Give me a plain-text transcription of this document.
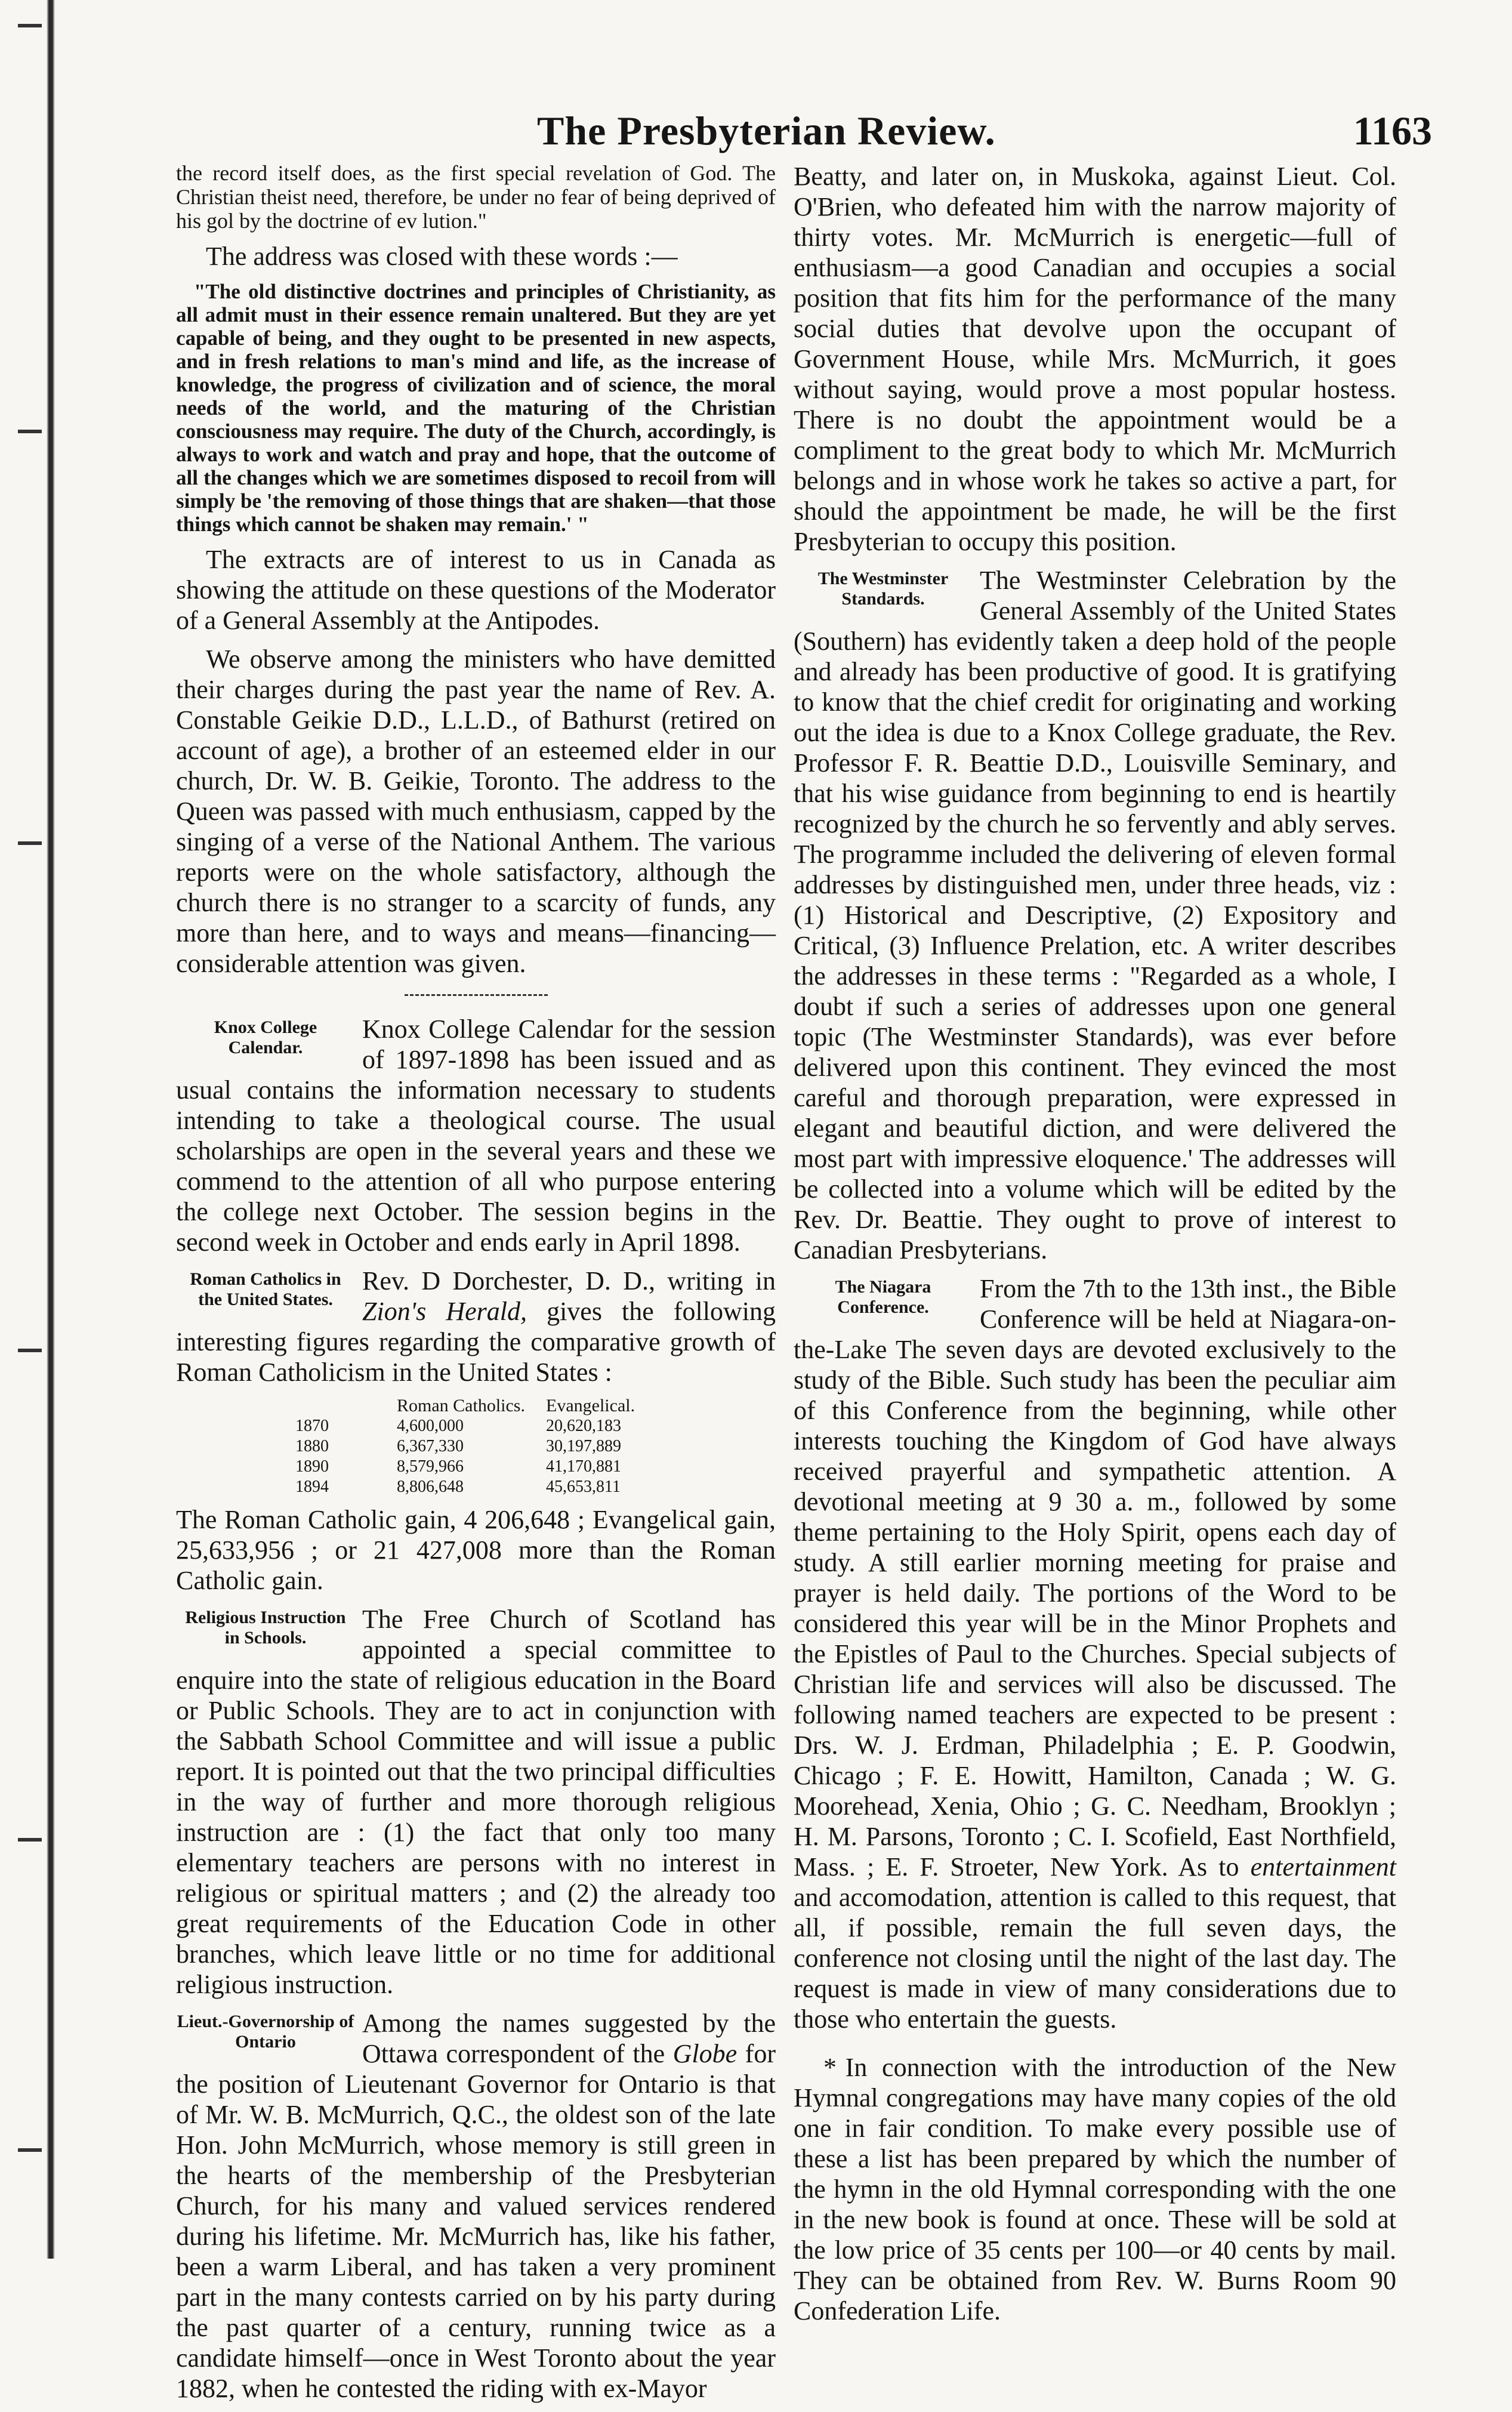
The Presbyterian Review.	1163

the record itself does, as the first special revelation of God. The Christian theist need, therefore, be under no fear of being deprived of his gol by the doctrine of ev lution."

The address was closed with these words :—

"The old distinctive doctrines and principles of Christianity, as all admit must in their essence remain unaltered. But they are yet capable of being, and they ought to be presented in new aspects, and in fresh relations to man's mind and life, as the increase of knowledge, the progress of civilization and of science, the moral needs of the world, and the maturing of the Christian consciousness may require. The duty of the Church, accordingly, is always to work and watch and pray and hope, that the outcome of all the changes which we are sometimes disposed to recoil from will simply be 'the removing of those things that are shaken—that those things which cannot be shaken may remain.' "

The extracts are of interest to us in Canada as showing the attitude on these questions of the Moderator of a General Assembly at the Antipodes.

We observe among the ministers who have demitted their charges during the past year the name of Rev. A. Constable Geikie D.D., L.L.D., of Bathurst (retired on account of age), a brother of an esteemed elder in our church, Dr. W. B. Geikie, Toronto. The address to the Queen was passed with much enthusiasm, capped by the singing of a verse of the National Anthem. The various reports were on the whole satisfactory, although the church there is no stranger to a scarcity of funds, any more than here, and to ways and means—financing—considerable attention was given.

Knox College Calendar.
Knox College Calendar for the session of 1897-1898 has been issued and as usual contains the information necessary to students intending to take a theological course. The usual scholarships are open in the several years and these we commend to the attention of all who purpose entering the college next October. The session begins in the second week in October and ends early in April 1898.

Roman Catholics in the United States.
Rev. D Dorchester, D. D., writing in Zion's Herald, gives the following interesting figures regarding the comparative growth of Roman Catholicism in the United States :

Roman Catholics.	Evangelical.
1870	4,600,000	20,620,183
1880	6,367,330	30,197,889
1890	8,579,966	41,170,881
1894	8,806,648	45,653,811

The Roman Catholic gain, 4 206,648 ; Evangelical gain, 25,633,956 ; or 21 427,008 more than the Roman Catholic gain.

Religious Instruction in Schools.
The Free Church of Scotland has appointed a special committee to enquire into the state of religious education in the Board or Public Schools. They are to act in conjunction with the Sabbath School Committee and will issue a public report. It is pointed out that the two principal difficulties in the way of further and more thorough religious instruction are : (1) the fact that only too many elementary teachers are persons with no interest in religious or spiritual matters ; and (2) the already too great requirements of the Education Code in other branches, which leave little or no time for additional religious instruction.

Lieut.-Governorship of Ontario
Among the names suggested by the Ottawa correspondent of the Globe for the position of Lieutenant Governor for Ontario is that of Mr. W. B. McMurrich, Q.C., the oldest son of the late Hon. John McMurrich, whose memory is still green in the hearts of the membership of the Presbyterian Church, for his many and valued services rendered during his lifetime. Mr. McMurrich has, like his father, been a warm Liberal, and has taken a very prominent part in the many contests carried on by his party during the past quarter of a century, running twice as a candidate himself—once in West Toronto about the year 1882, when he contested the riding with ex-Mayor

Beatty, and later on, in Muskoka, against Lieut. Col. O'Brien, who defeated him with the narrow majority of thirty votes. Mr. McMurrich is energetic—full of enthusiasm—a good Canadian and occupies a social position that fits him for the performance of the many social duties that devolve upon the occupant of Government House, while Mrs. McMurrich, it goes without saying, would prove a most popular hostess. There is no doubt the appointment would be a compliment to the great body to which Mr. McMurrich belongs and in whose work he takes so active a part, for should the appointment be made, he will be the first Presbyterian to occupy this position.

The Westminster Standards.
The Westminster Celebration by the General Assembly of the United States (Southern) has evidently taken a deep hold of the people and already has been productive of good. It is gratifying to know that the chief credit for originating and working out the idea is due to a Knox College graduate, the Rev. Professor F. R. Beattie D.D., Louisville Seminary, and that his wise guidance from beginning to end is heartily recognized by the church he so fervently and ably serves. The programme included the delivering of eleven formal addresses by distinguished men, under three heads, viz : (1) Historical and Descriptive, (2) Expository and Critical, (3) Influence Prelation, etc. A writer describes the addresses in these terms : "Regarded as a whole, I doubt if such a series of addresses upon one general topic (The Westminster Standards), was ever before delivered upon this continent. They evinced the most careful and thorough preparation, were expressed in elegant and beautiful diction, and were delivered the most part with impressive eloquence.' The addresses will be collected into a volume which will be edited by the Rev. Dr. Beattie. They ought to prove of interest to Canadian Presbyterians.

The Niagara Conference.
From the 7th to the 13th inst., the Bible Conference will be held at Niagara-on-the-Lake The seven days are devoted exclusively to the study of the Bible. Such study has been the peculiar aim of this Conference from the beginning, while other interests touching the Kingdom of God have always received prayerful and sympathetic attention. A devotional meeting at 9 30 a. m., followed by some theme pertaining to the Holy Spirit, opens each day of study. A still earlier morning meeting for praise and prayer is held daily. The portions of the Word to be considered this year will be in the Minor Prophets and the Epistles of Paul to the Churches. Special subjects of Christian life and services will also be discussed. The following named teachers are expected to be present : Drs. W. J. Erdman, Philadelphia ; E. P. Goodwin, Chicago ; F. E. Howitt, Hamilton, Canada ; W. G. Moorehead, Xenia, Ohio ; G. C. Needham, Brooklyn ; H. M. Parsons, Toronto ; C. I. Scofield, East Northfield, Mass. ; E. F. Stroeter, New York. As to entertainment and accomodation, attention is called to this request, that all, if possible, remain the full seven days, the conference not closing until the night of the last day. The request is made in view of many considerations due to those who entertain the guests.

* In connection with the introduction of the New Hymnal congregations may have many copies of the old one in fair condition. To make every possible use of these a list has been prepared by which the number of the hymn in the old Hymnal corresponding with the one in the new book is found at once. These will be sold at the low price of 35 cents per 100—or 40 cents by mail. They can be obtained from Rev. W. Burns Room 90 Confederation Life.
